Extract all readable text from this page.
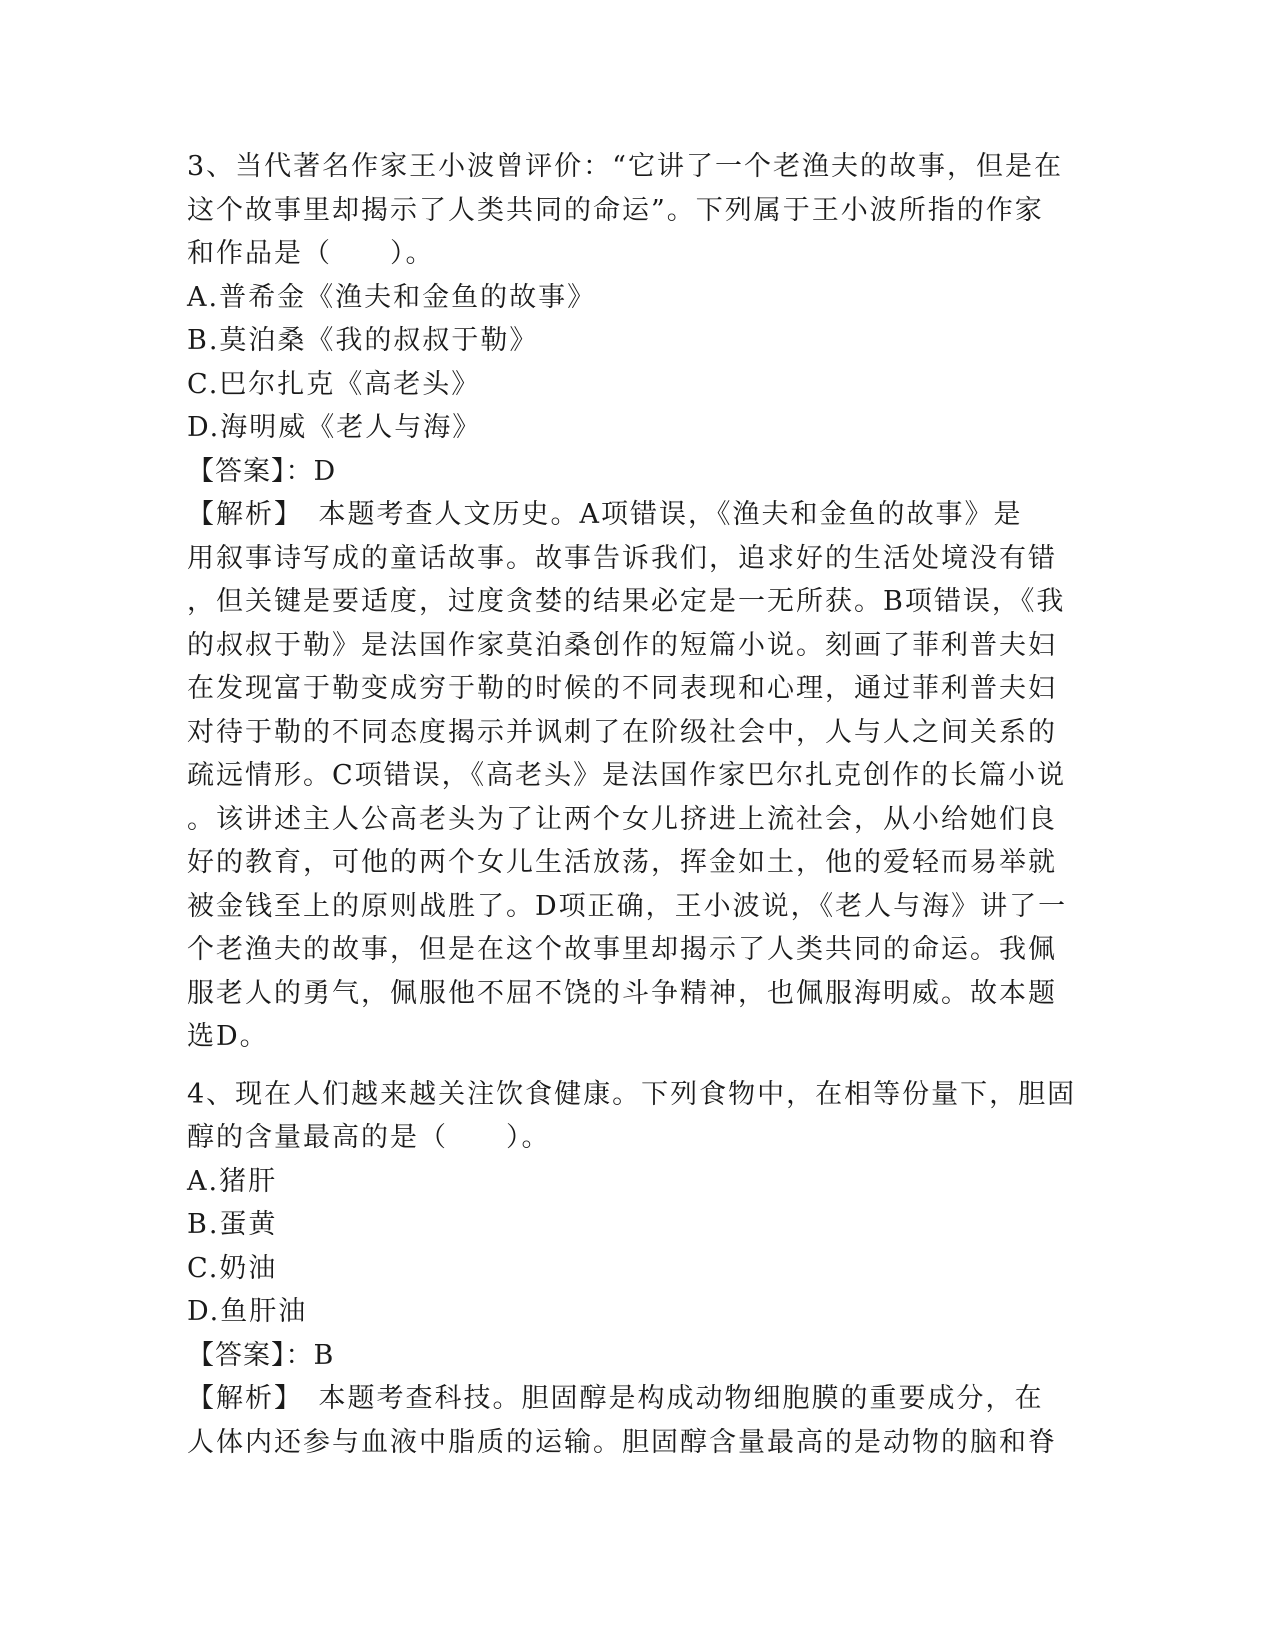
3、当代著名作家王小波曾评价：“它讲了一个老渔夫的故事，但是在
这个故事里却揭示了人类共同的命运”。下列属于王小波所指的作家
和作品是（　　）。
A.普希金《渔夫和金鱼的故事》
B.莫泊桑《我的叔叔于勒》
C.巴尔扎克《高老头》
D.海明威《老人与海》
【答案】：D
【解析】　本题考查人文历史。A项错误，《渔夫和金鱼的故事》是
用叙事诗写成的童话故事。故事告诉我们，追求好的生活处境没有错
，但关键是要适度，过度贪婪的结果必定是一无所获。B项错误，《我
的叔叔于勒》是法国作家莫泊桑创作的短篇小说。刻画了菲利普夫妇
在发现富于勒变成穷于勒的时候的不同表现和心理，通过菲利普夫妇
对待于勒的不同态度揭示并讽刺了在阶级社会中，人与人之间关系的
疏远情形。C项错误，《高老头》是法国作家巴尔扎克创作的长篇小说
。该讲述主人公高老头为了让两个女儿挤进上流社会，从小给她们良
好的教育，可他的两个女儿生活放荡，挥金如土，他的爱轻而易举就
被金钱至上的原则战胜了。D项正确，王小波说，《老人与海》讲了一
个老渔夫的故事，但是在这个故事里却揭示了人类共同的命运。我佩
服老人的勇气，佩服他不屈不饶的斗争精神，也佩服海明威。故本题
选D。
4、现在人们越来越关注饮食健康。下列食物中，在相等份量下，胆固
醇的含量最高的是（　　）。
A.猪肝
B.蛋黄
C.奶油
D.鱼肝油
【答案】：B
【解析】　本题考查科技。胆固醇是构成动物细胞膜的重要成分，在
人体内还参与血液中脂质的运输。胆固醇含量最高的是动物的脑和脊
